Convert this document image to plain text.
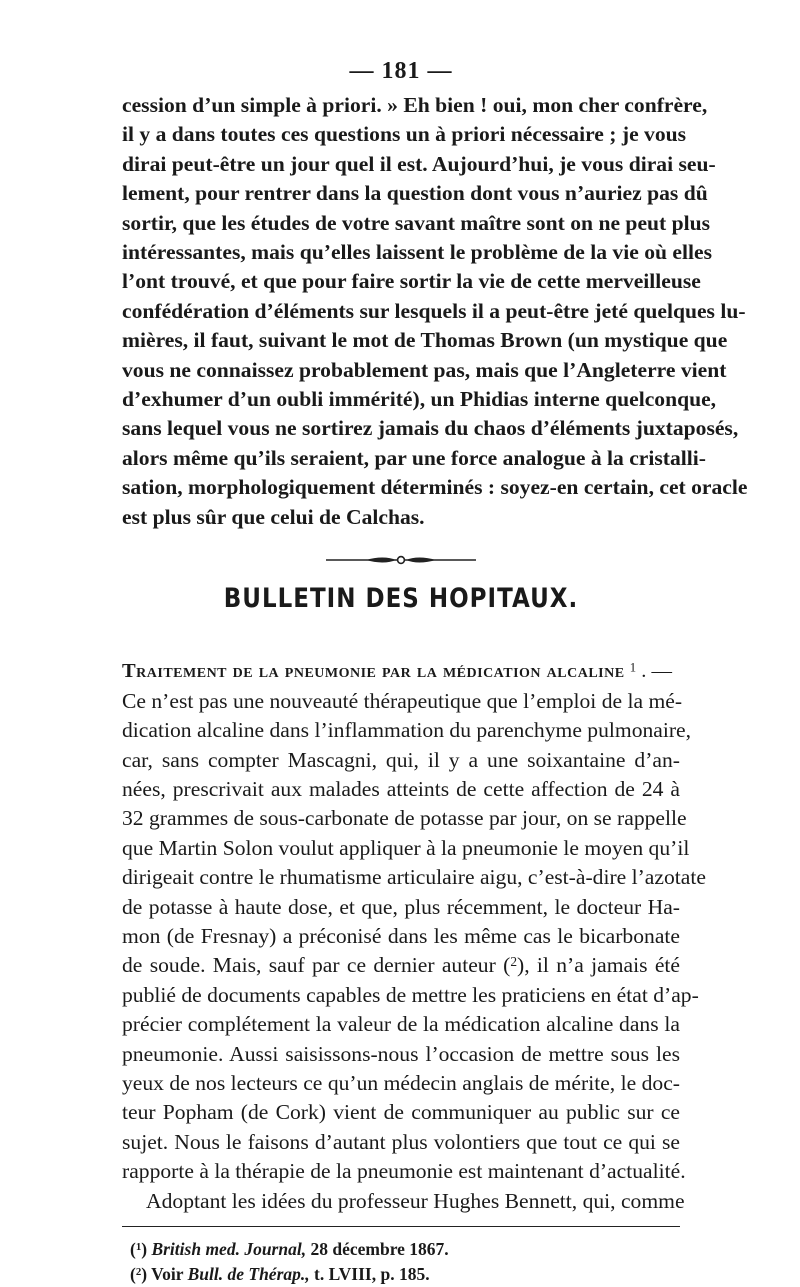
— 181 —
cession d’un simple à priori. » Eh bien ! oui, mon cher confrère,
il y a dans toutes ces questions un à priori nécessaire ; je vous
dirai peut-être un jour quel il est. Aujourd’hui, je vous dirai seu-
lement, pour rentrer dans la question dont vous n’auriez pas dû
sortir, que les études de votre savant maître sont on ne peut plus
intéressantes, mais qu’elles laissent le problème de la vie où elles
l’ont trouvé, et que pour faire sortir la vie de cette merveilleuse
confédération d’éléments sur lesquels il a peut-être jeté quelques lu-
mières, il faut, suivant le mot de Thomas Brown (un mystique que
vous ne connaissez probablement pas, mais que l’Angleterre vient
d’exhumer d’un oubli immérité), un Phidias interne quelconque,
sans lequel vous ne sortirez jamais du chaos d’éléments juxtaposés,
alors même qu’ils seraient, par une force analogue à la cristalli-
sation, morphologiquement déterminés : soyez-en certain, cet oracle
est plus sûr que celui de Calchas.
BULLETIN DES HOPITAUX.
Traitement de la pneumonie par la médication alcaline $^1$ . —
Ce n’est pas une nouveauté thérapeutique que l’emploi de la mé-
dication alcaline dans l’inflammation du parenchyme pulmonaire,
car, sans compter Mascagni, qui, il y a une soixantaine d’an-
nées, prescrivait aux malades atteints de cette affection de 24 à
32 grammes de sous-carbonate de potasse par jour, on se rappelle
que Martin Solon voulut appliquer à la pneumonie le moyen qu’il
dirigeait contre le rhumatisme articulaire aigu, c’est-à-dire l’azotate
de potasse à haute dose, et que, plus récemment, le docteur Ha-
mon (de Fresnay) a préconisé dans les même cas le bicarbonate
de soude. Mais, sauf par ce dernier auteur ($^2$), il n’a jamais été
publié de documents capables de mettre les praticiens en état d’ap-
précier complétement la valeur de la médication alcaline dans la
pneumonie. Aussi saisissons-nous l’occasion de mettre sous les
yeux de nos lecteurs ce qu’un médecin anglais de mérite, le doc-
teur Popham (de Cork) vient de communiquer au public sur ce
sujet. Nous le faisons d’autant plus volontiers que tout ce qui se
rapporte à la thérapie de la pneumonie est maintenant d’actualité.
Adoptant les idées du professeur Hughes Bennett, qui, comme
($^1$) British med. Journal, 28 décembre 1867.
($^2$) Voir Bull. de Thérap., t. LVIII, p. 185.
